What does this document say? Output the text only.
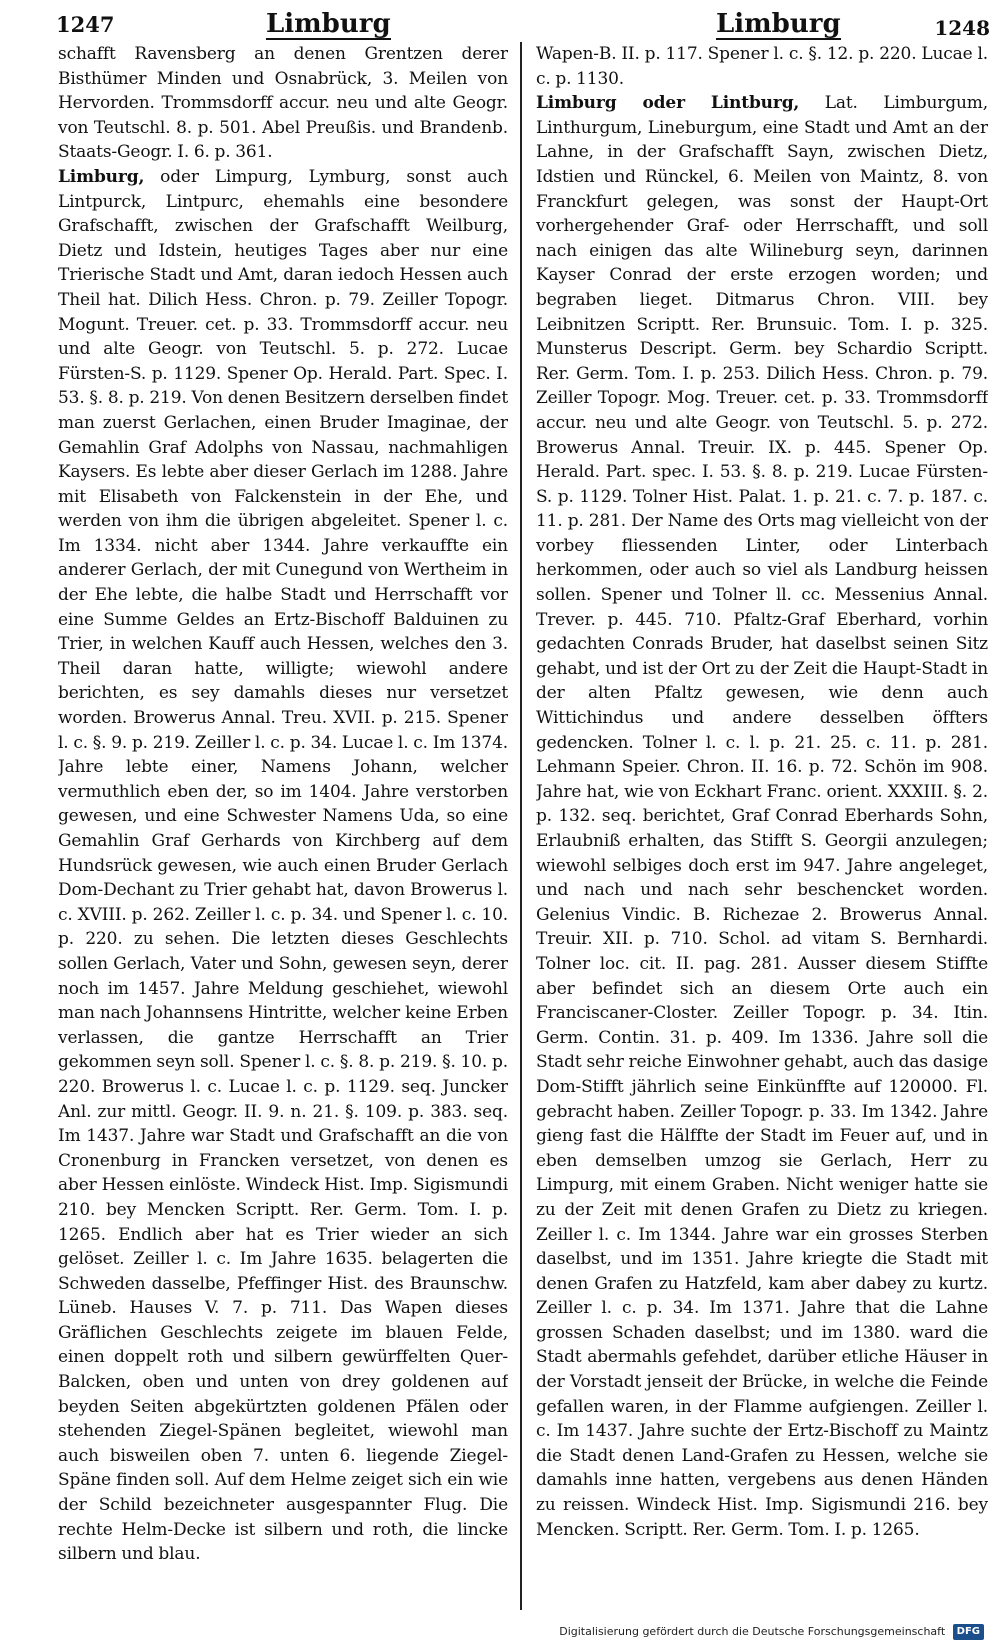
1247	Limburg	Limburg	1248

schafft Ravensberg an denen Grentzen derer Bisthümer Minden und Osnabrück, 3. Meilen von Hervorden. Trommsdorff accur. neu und alte Geogr. von Teutschl. 8. p. 501. Abel Preußis. und Brandenb. Staats-Geogr. I. 6. p. 361.

Limburg, oder Limpurg, Lymburg, sonst auch Lintpurck, Lintpurc, ehemahls eine besondere Grafschafft, zwischen der Grafschafft Weilburg, Dietz und Idstein, heutiges Tages aber nur eine Trierische Stadt und Amt, daran iedoch Hessen auch Theil hat. Dilich Hess. Chron. p. 79. Zeiller Topogr. Mogunt. Treuer. cet. p. 33. Trommsdorff accur. neu und alte Geogr. von Teutschl. 5. p. 272. Lucae Fürsten-S. p. 1129. Spener Op. Herald. Part. Spec. I. 53. §. 8. p. 219. Von denen Besitzern derselben findet man zuerst Gerlachen, einen Bruder Imaginae, der Gemahlin Graf Adolphs von Nassau, nachmahligen Kaysers. Es lebte aber dieser Gerlach im 1288. Jahre mit Elisabeth von Falckenstein in der Ehe, und werden von ihm die übrigen abgeleitet. Spener l. c. Im 1334. nicht aber 1344. Jahre verkauffte ein anderer Gerlach, der mit Cunegund von Wertheim in der Ehe lebte, die halbe Stadt und Herrschafft vor eine Summe Geldes an Ertz-Bischoff Balduinen zu Trier, in welchen Kauff auch Hessen, welches den 3. Theil daran hatte, willigte; wiewohl andere berichten, es sey damahls dieses nur versetzet worden. Browerus Annal. Treu. XVII. p. 215. Spener l. c. §. 9. p. 219. Zeiller l. c. p. 34. Lucae l. c. Im 1374. Jahre lebte einer, Namens Johann, welcher vermuthlich eben der, so im 1404. Jahre verstorben gewesen, und eine Schwester Namens Uda, so eine Gemahlin Graf Gerhards von Kirchberg auf dem Hundsrück gewesen, wie auch einen Bruder Gerlach Dom-Dechant zu Trier gehabt hat, davon Browerus l. c. XVIII. p. 262. Zeiller l. c. p. 34. und Spener l. c. 10. p. 220. zu sehen. Die letzten dieses Geschlechts sollen Gerlach, Vater und Sohn, gewesen seyn, derer noch im 1457. Jahre Meldung geschiehet, wiewohl man nach Johannsens Hintritte, welcher keine Erben verlassen, die gantze Herrschafft an Trier gekommen seyn soll. Spener l. c. §. 8. p. 219. §. 10. p. 220. Browerus l. c. Lucae l. c. p. 1129. seq. Juncker Anl. zur mittl. Geogr. II. 9. n. 21. §. 109. p. 383. seq. Im 1437. Jahre war Stadt und Grafschafft an die von Cronenburg in Francken versetzet, von denen es aber Hessen einlöste. Windeck Hist. Imp. Sigismundi 210. bey Mencken Scriptt. Rer. Germ. Tom. I. p. 1265. Endlich aber hat es Trier wieder an sich gelöset. Zeiller l. c. Im Jahre 1635. belagerten die Schweden dasselbe, Pfeffinger Hist. des Braunschw. Lüneb. Hauses V. 7. p. 711. Das Wapen dieses Gräflichen Geschlechts zeigete im blauen Felde, einen doppelt roth und silbern gewürffelten Quer-Balcken, oben und unten von drey goldenen auf beyden Seiten abgekürtzten goldenen Pfälen oder stehenden Ziegel-Spänen begleitet, wiewohl man auch bisweilen oben 7. unten 6. liegende Ziegel-Späne finden soll. Auf dem Helme zeiget sich ein wie der Schild bezeichneter ausgespannter Flug. Die rechte Helm-Decke ist silbern und roth, die lincke silbern und blau.

Wapen-B. II. p. 117. Spener l. c. §. 12. p. 220. Lucae l. c. p. 1130.

Limburg oder Lintburg, Lat. Limburgum, Linthurgum, Lineburgum, eine Stadt und Amt an der Lahne, in der Grafschafft Sayn, zwischen Dietz, Idstien und Rünckel, 6. Meilen von Maintz, 8. von Franckfurt gelegen, was sonst der Haupt-Ort vorhergehender Graf- oder Herrschafft, und soll nach einigen das alte Wilineburg seyn, darinnen Kayser Conrad der erste erzogen worden; und begraben lieget. Ditmarus Chron. VIII. bey Leibnitzen Scriptt. Rer. Brunsuic. Tom. I. p. 325. Munsterus Descript. Germ. bey Schardio Scriptt. Rer. Germ. Tom. I. p. 253. Dilich Hess. Chron. p. 79. Zeiller Topogr. Mog. Treuer. cet. p. 33. Trommsdorff accur. neu und alte Geogr. von Teutschl. 5. p. 272. Browerus Annal. Treuir. IX. p. 445. Spener Op. Herald. Part. spec. I. 53. §. 8. p. 219. Lucae Fürsten-S. p. 1129. Tolner Hist. Palat. 1. p. 21. c. 7. p. 187. c. 11. p. 281. Der Name des Orts mag vielleicht von der vorbey fliessenden Linter, oder Linterbach herkommen, oder auch so viel als Landburg heissen sollen. Spener und Tolner ll. cc. Messenius Annal. Trever. p. 445. 710. Pfaltz-Graf Eberhard, vorhin gedachten Conrads Bruder, hat daselbst seinen Sitz gehabt, und ist der Ort zu der Zeit die Haupt-Stadt in der alten Pfaltz gewesen, wie denn auch Wittichindus und andere desselben öffters gedencken. Tolner l. c. l. p. 21. 25. c. 11. p. 281. Lehmann Speier. Chron. II. 16. p. 72. Schön im 908. Jahre hat, wie von Eckhart Franc. orient. XXXIII. §. 2. p. 132. seq. berichtet, Graf Conrad Eberhards Sohn, Erlaubniß erhalten, das Stifft S. Georgii anzulegen; wiewohl selbiges doch erst im 947. Jahre angeleget, und nach und nach sehr beschencket worden. Gelenius Vindic. B. Richezae 2. Browerus Annal. Treuir. XII. p. 710. Schol. ad vitam S. Bernhardi. Tolner loc. cit. II. pag. 281. Ausser diesem Stiffte aber befindet sich an diesem Orte auch ein Franciscaner-Closter. Zeiller Topogr. p. 34. Itin. Germ. Contin. 31. p. 409. Im 1336. Jahre soll die Stadt sehr reiche Einwohner gehabt, auch das dasige Dom-Stifft jährlich seine Einkünffte auf 120000. Fl. gebracht haben. Zeiller Topogr. p. 33. Im 1342. Jahre gieng fast die Hälffte der Stadt im Feuer auf, und in eben demselben umzog sie Gerlach, Herr zu Limpurg, mit einem Graben. Nicht weniger hatte sie zu der Zeit mit denen Grafen zu Dietz zu kriegen. Zeiller l. c. Im 1344. Jahre war ein grosses Sterben daselbst, und im 1351. Jahre kriegte die Stadt mit denen Grafen zu Hatzfeld, kam aber dabey zu kurtz. Zeiller l. c. p. 34. Im 1371. Jahre that die Lahne grossen Schaden daselbst; und im 1380. ward die Stadt abermahls gefehdet, darüber etliche Häuser in der Vorstadt jenseit der Brücke, in welche die Feinde gefallen waren, in der Flamme aufgiengen. Zeiller l. c. Im 1437. Jahre suchte der Ertz-Bischoff zu Maintz die Stadt denen Land-Grafen zu Hessen, welche sie damahls inne hatten, vergebens aus denen Händen zu reissen. Windeck Hist. Imp. Sigismundi 216. bey Mencken. Scriptt. Rer. Germ. Tom. I. p. 1265.

Digitalisierung gefördert durch die Deutsche Forschungsgemeinschaft DFG
